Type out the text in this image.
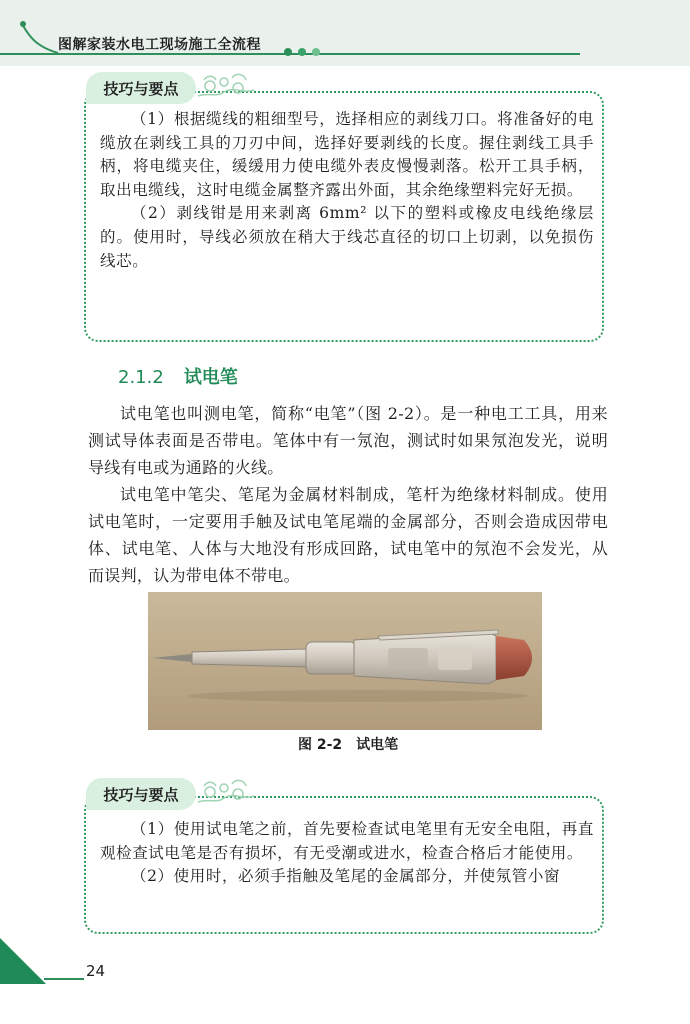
图解家装水电工现场施工全流程
技巧与要点

（1）根据缆线的粗细型号，选择相应的剥线刀口。将准备好的电缆放在剥线工具的刀刃中间，选择好要剥线的长度。握住剥线工具手柄，将电缆夹住，缓缓用力使电缆外表皮慢慢剥落。松开工具手柄，取出电缆线，这时电缆金属整齐露出外面，其余绝缘塑料完好无损。

（2）剥线钳是用来剥离 6mm² 以下的塑料或橡皮电线绝缘层的。使用时，导线必须放在稍大于线芯直径的切口上切剥，以免损伤线芯。

2.1.2 试电笔

试电笔也叫测电笔，简称“电笔”（图 2-2）。是一种电工工具，用来测试导体表面是否带电。笔体中有一氖泡，测试时如果氖泡发光，说明导线有电或为通路的火线。

试电笔中笔尖、笔尾为金属材料制成，笔杆为绝缘材料制成。使用试电笔时，一定要用手触及试电笔尾端的金属部分，否则会造成因带电体、试电笔、人体与大地没有形成回路，试电笔中的氖泡不会发光，从而误判，认为带电体不带电。

图 2-2 试电笔
技巧与要点

（1）使用试电笔之前，首先要检查试电笔里有无安全电阻，再直观检查试电笔是否有损坏，有无受潮或进水，检查合格后才能使用。

（2）使用时，必须手指触及笔尾的金属部分，并使氖管小窗

24
